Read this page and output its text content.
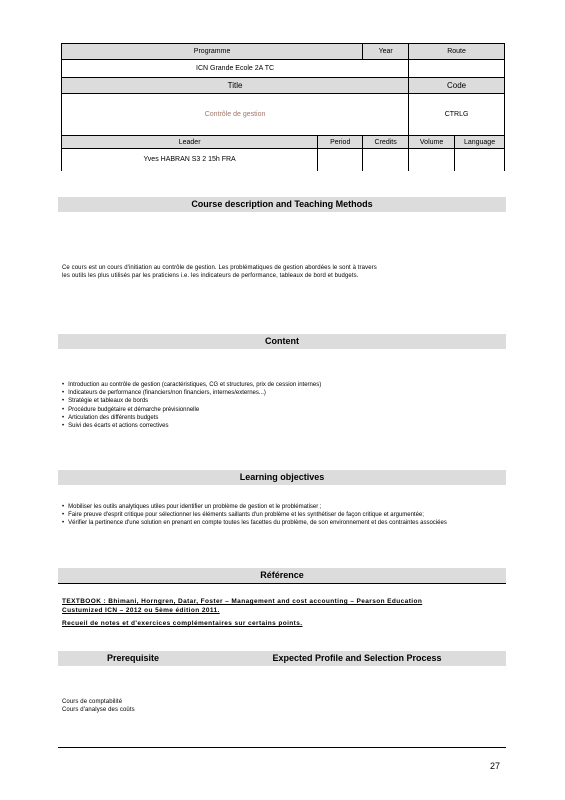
Programme		Year	Route	
ICN Grande Ecole 2A TC				
Title			Code	
Contrôle de gestion			CTRLG	
Leader	Period	Credits	Volume	Language
Yves HABRAN S3 2 15h FRA				
Course description and Teaching Methods
Ce cours est un cours d'initiation au contrôle de gestion. Les problématiques de gestion abordées le sont à travers
les outils les plus utilisés par les praticiens i.e. les indicateurs de performance, tableaux de bord et budgets.
Content
• Introduction au contrôle de gestion (caractéristiques, CG et structures, prix de cession internes)
• Indicateurs de performance (financiers/non financiers, internes/externes...)
• Stratégie et tableaux de bords
• Procédure budgétaire et démarche prévisionnelle
• Articulation des différents budgets
• Suivi des écarts et actions correctives
Learning objectives
• Mobiliser les outils analytiques utiles pour identifier un problème de gestion et le problématiser ;
• Faire preuve d'esprit critique pour sélectionner les éléments saillants d'un problème et les synthétiser de façon critique et argumentée;
• Vérifier la pertinence d'une solution en prenant en compte toutes les facettes du problème, de son environnement et des contraintes associées
Référence
TEXTBOOK : Bhimani, Horngren, Datar, Foster – Management and cost accounting – Pearson Education
Custumized ICN – 2012 ou 5ème édition 2011.
Recueil de notes et d'exercices complémentaires sur certains points.
Prerequisite	Expected Profile and Selection Process
Cours de comptabilité
Cours d'analyse des coûts
27
